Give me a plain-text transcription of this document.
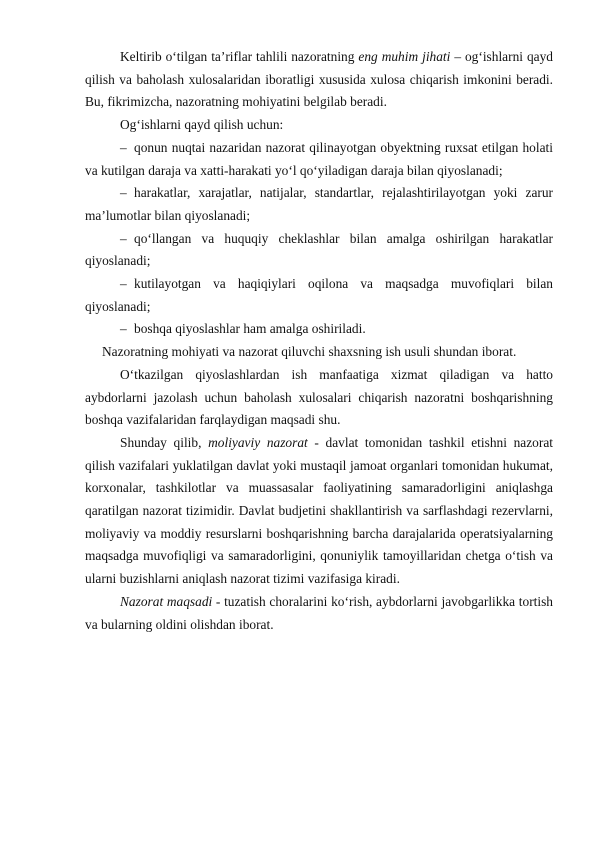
Keltirib o‘tilgan ta’riflar tahlili nazoratning eng muhim jihati – og‘ishlarni qayd qilish va baholash xulosalaridan iboratligi xususida xulosa chiqarish imkonini beradi. Bu, fikrimizcha, nazoratning mohiyatini belgilab beradi.

Og‘ishlarni qayd qilish uchun:

– qonun nuqtai nazaridan nazorat qilinayotgan obyektning ruxsat etilgan holati va kutilgan daraja va xatti-harakati yo‘l qo‘yiladigan daraja bilan qiyoslanadi;

– harakatlar, xarajatlar, natijalar, standartlar, rejalashtirilayotgan yoki zarur ma’lumotlar bilan qiyoslanadi;

– qo‘llangan va huquqiy cheklashlar bilan amalga oshirilgan harakatlar qiyoslanadi;

– kutilayotgan va haqiqiylari oqilona va maqsadga muvofiqlari bilan qiyoslanadi;

– boshqa qiyoslashlar ham amalga oshiriladi.

Nazoratning mohiyati va nazorat qiluvchi shaxsning ish usuli shundan iborat.

O‘tkazilgan qiyoslashlardan ish manfaatiga xizmat qiladigan va hatto aybdorlarni jazolash uchun baholash xulosalari chiqarish nazoratni boshqarishning boshqa vazifalaridan farqlaydigan maqsadi shu.

Shunday qilib, moliyaviy nazorat - davlat tomonidan tashkil etishni nazorat qilish vazifalari yuklatilgan davlat yoki mustaqil jamoat organlari tomonidan hukumat, korxonalar, tashkilotlar va muassasalar faoliyatining samaradorligini aniqlashga qaratilgan nazorat tizimidir. Davlat budjetini shakllantirish va sarflashdagi rezervlarni, moliyaviy va moddiy resurslarni boshqarishning barcha darajalarida operatsiyalarning maqsadga muvofiqligi va samaradorligini, qonuniylik tamoyillaridan chetga o‘tish va ularni buzishlarni aniqlash nazorat tizimi vazifasiga kiradi.

Nazorat maqsadi - tuzatish choralarini ko‘rish, aybdorlarni javobgarlikka tortish va bularning oldini olishdan iborat.
